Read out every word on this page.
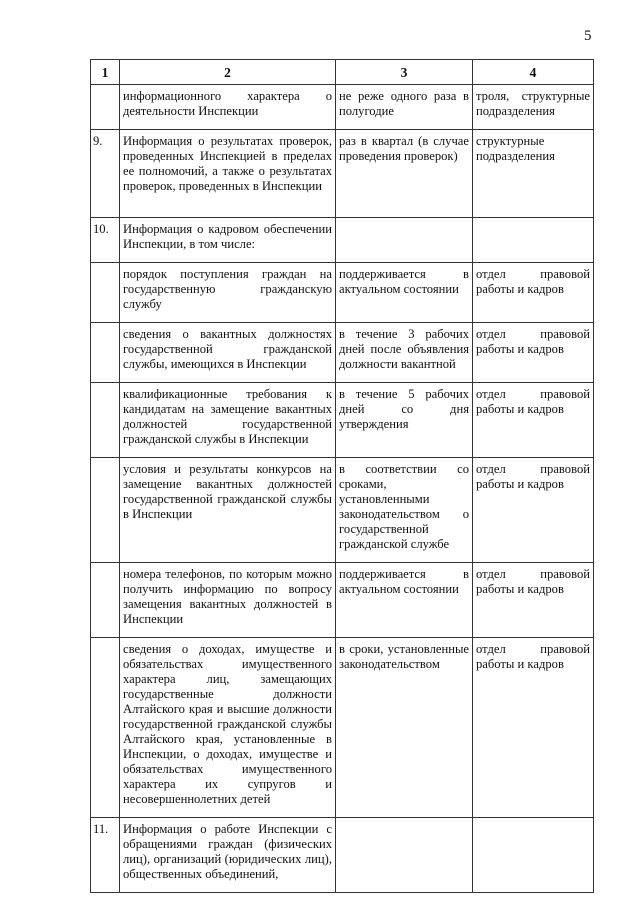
5
1	2	3	4
	информационного характера о деятельности Инспекции	не реже одного раза в полугодие	троля, структурные подразделения
9.	Информация о результатах проверок, проведенных Инспекцией в пределах ее полномочий, а также о результатах проверок, проведенных в Инспекции	раз в квартал (в случае проведения проверок)	структурные подразделения
10.	Информация о кадровом обеспечении Инспекции, в том числе:		
	порядок поступления граждан на государственную гражданскую службу	поддерживается в актуальном состоянии	отдел правовой работы и кадров
	сведения о вакантных должностях государственной гражданской службы, имеющихся в Инспекции	в течение 3 рабочих дней после объявления должности вакантной	отдел правовой работы и кадров
	квалификационные требования к кандидатам на замещение вакантных должностей государственной гражданской службы в Инспекции	в течение 5 рабочих дней со дня утверждения	отдел правовой работы и кадров
	условия и результаты конкурсов на замещение вакантных должностей государственной гражданской службы в Инспекции	в соответствии со сроками, установленными законодательством о государственной гражданской службе	отдел правовой работы и кадров
	номера телефонов, по которым можно получить информацию по вопросу замещения вакантных должностей в Инспекции	поддерживается в актуальном состоянии	отдел правовой работы и кадров
	сведения о доходах, имуществе и обязательствах имущественного характера лиц, замещающих государственные должности Алтайского края и высшие должности государственной гражданской службы Алтайского края, установленные в Инспекции, о доходах, имуществе и обязательствах имущественного характера их супругов и несовершеннолетних детей	в сроки, установленные законодательством	отдел правовой работы и кадров
11.	Информация о работе Инспекции с обращениями граждан (физических лиц), организаций (юридических лиц), общественных объединений,		
